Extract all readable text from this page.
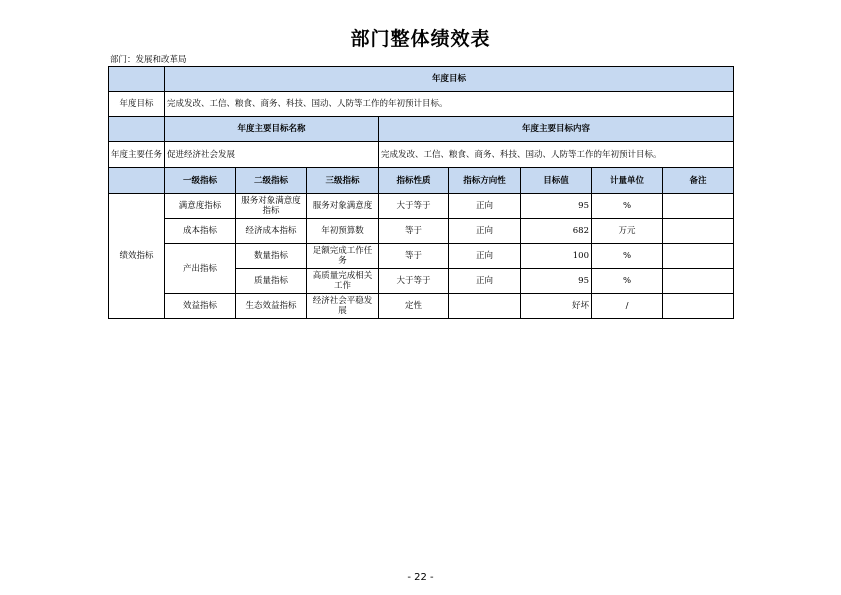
部门整体绩效表
部门：发展和改革局
	年度目标							
年度目标	完成发改、工信、粮食、商务、科技、国动、人防等工作的年初预计目标。							
	年度主要目标名称			年度主要目标内容				
年度主要任务	促进经济社会发展			完成发改、工信、粮食、商务、科技、国动、人防等工作的年初预计目标。				
	一级指标	二级指标	三级指标	指标性质	指标方向性	目标值	计量单位	备注
绩效指标	满意度指标	服务对象满意度指标	服务对象满意度	大于等于	正向	95	%	
	成本指标	经济成本指标	年初预算数	等于	正向	682	万元	
	产出指标	数量指标	足额完成工作任务	等于	正向	100	%	
		质量指标	高质量完成相关工作	大于等于	正向	95	%	
	效益指标	生态效益指标	经济社会平稳发展	定性		好坏	/	
- 22 -
